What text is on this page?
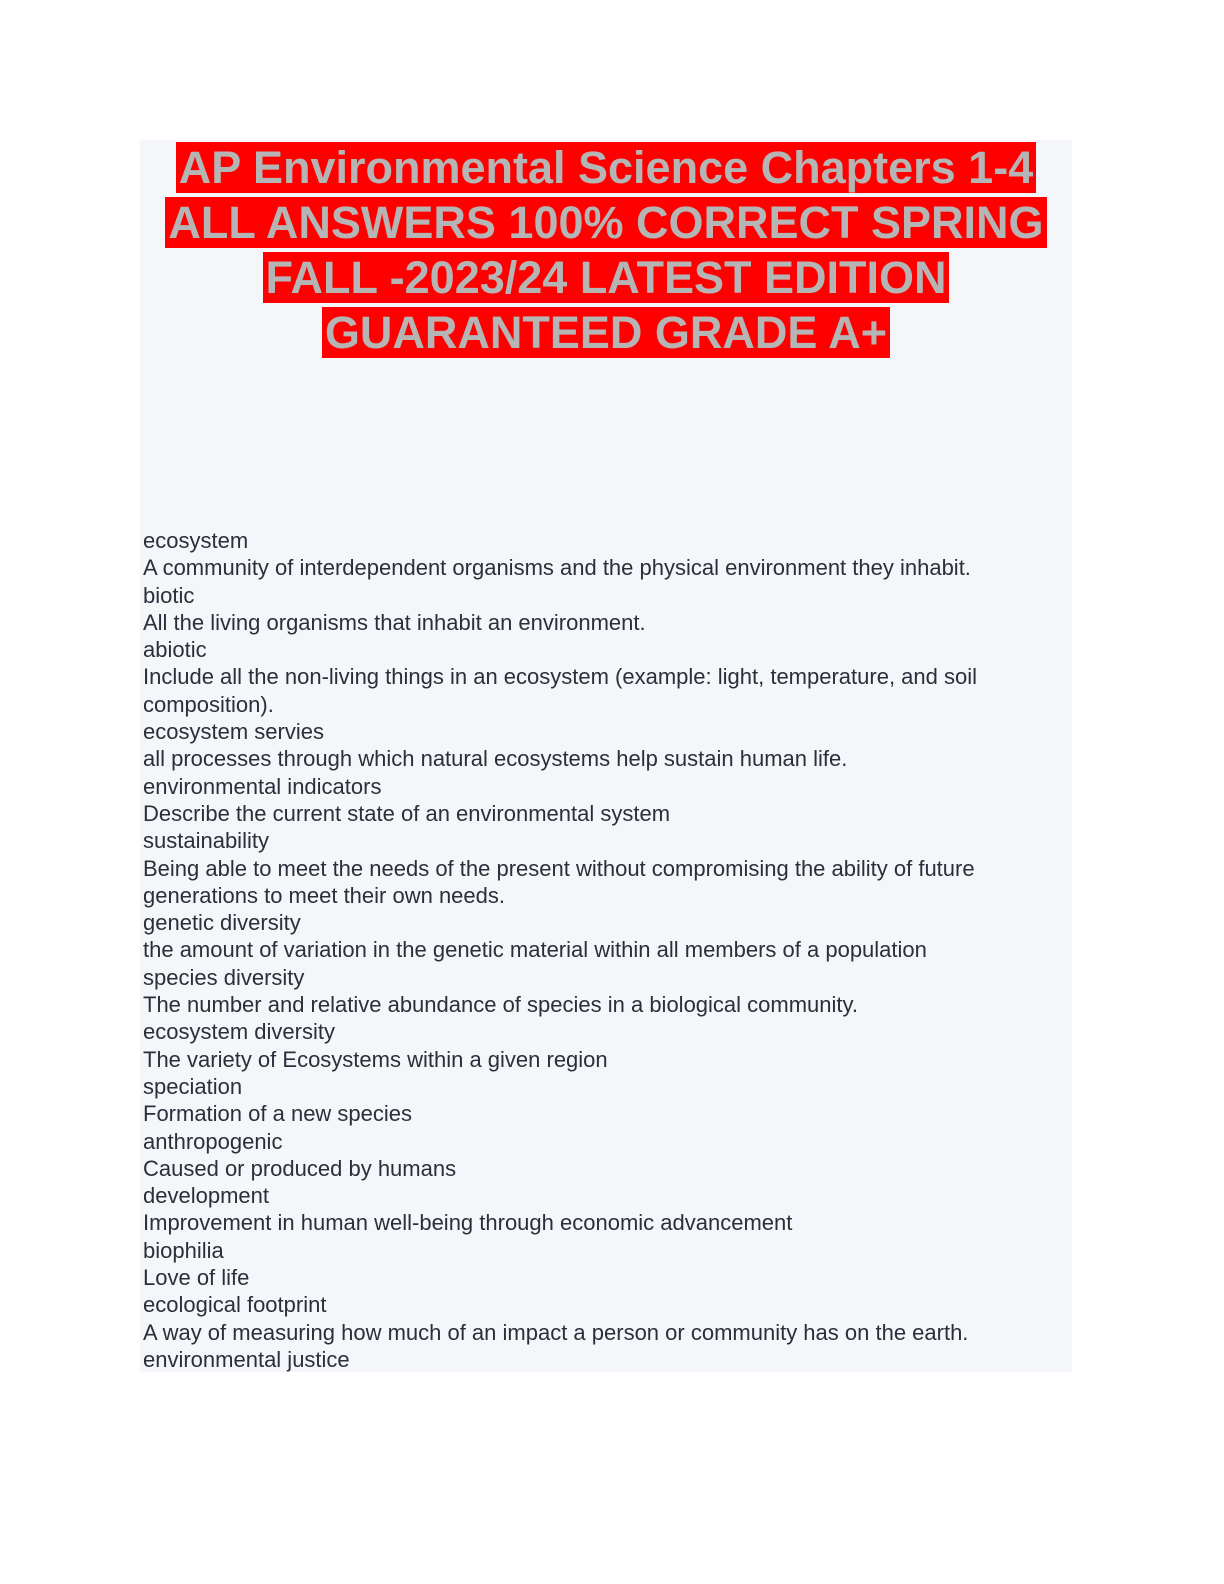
AP Environmental Science Chapters 1-4
ALL ANSWERS 100% CORRECT SPRING
FALL -2023/24 LATEST EDITION
GUARANTEED GRADE A+
ecosystem
A community of interdependent organisms and the physical environment they inhabit.
biotic
All the living organisms that inhabit an environment.
abiotic
Include all the non-living things in an ecosystem (example: light, temperature, and soil composition).
ecosystem servies
all processes through which natural ecosystems help sustain human life.
environmental indicators
Describe the current state of an environmental system
sustainability
Being able to meet the needs of the present without compromising the ability of future generations to meet their own needs.
genetic diversity
the amount of variation in the genetic material within all members of a population
species diversity
The number and relative abundance of species in a biological community.
ecosystem diversity
The variety of Ecosystems within a given region
speciation
Formation of a new species
anthropogenic
Caused or produced by humans
development
Improvement in human well-being through economic advancement
biophilia
Love of life
ecological footprint
A way of measuring how much of an impact a person or community has on the earth.
environmental justice
